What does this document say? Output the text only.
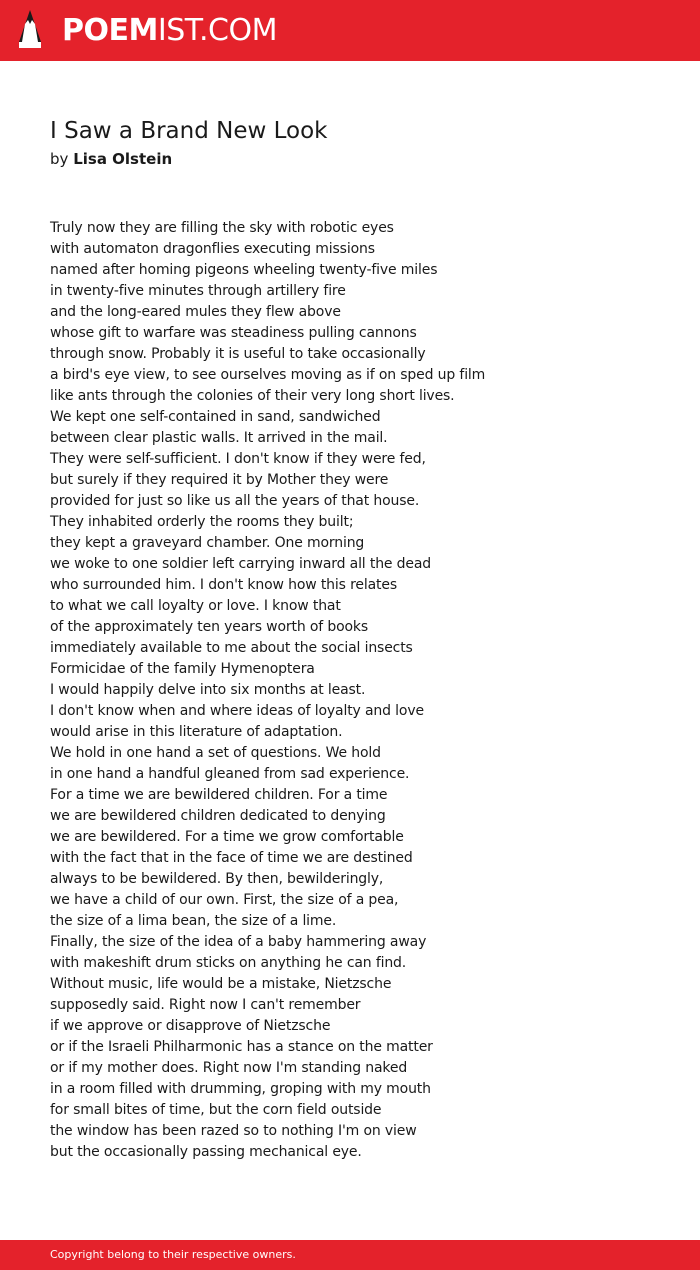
POEMIST.COM
I Saw a Brand New Look
by Lisa Olstein
Truly now they are filling the sky with robotic eyes
with automaton dragonflies executing missions
named after homing pigeons wheeling twenty-five miles
in twenty-five minutes through artillery fire
and the long-eared mules they flew above
whose gift to warfare was steadiness pulling cannons
through snow. Probably it is useful to take occasionally
a bird's eye view, to see ourselves moving as if on sped up film
like ants through the colonies of their very long short lives.
We kept one self-contained in sand, sandwiched
between clear plastic walls. It arrived in the mail.
They were self-sufficient. I don't know if they were fed,
but surely if they required it by Mother they were
provided for just so like us all the years of that house.
They inhabited orderly the rooms they built;
they kept a graveyard chamber. One morning
we woke to one soldier left carrying inward all the dead
who surrounded him. I don't know how this relates
to what we call loyalty or love. I know that
of the approximately ten years worth of books
immediately available to me about the social insects
Formicidae of the family Hymenoptera
I would happily delve into six months at least.
I don't know when and where ideas of loyalty and love
would arise in this literature of adaptation.
We hold in one hand a set of questions. We hold
in one hand a handful gleaned from sad experience.
For a time we are bewildered children. For a time
we are bewildered children dedicated to denying
we are bewildered. For a time we grow comfortable
with the fact that in the face of time we are destined
always to be bewildered. By then, bewilderingly,
we have a child of our own. First, the size of a pea,
the size of a lima bean, the size of a lime.
Finally, the size of the idea of a baby hammering away
with makeshift drum sticks on anything he can find.
Without music, life would be a mistake, Nietzsche
supposedly said. Right now I can't remember
if we approve or disapprove of Nietzsche
or if the Israeli Philharmonic has a stance on the matter
or if my mother does. Right now I'm standing naked
in a room filled with drumming, groping with my mouth
for small bites of time, but the corn field outside
the window has been razed so to nothing I'm on view
but the occasionally passing mechanical eye.
Copyright belong to their respective owners.
